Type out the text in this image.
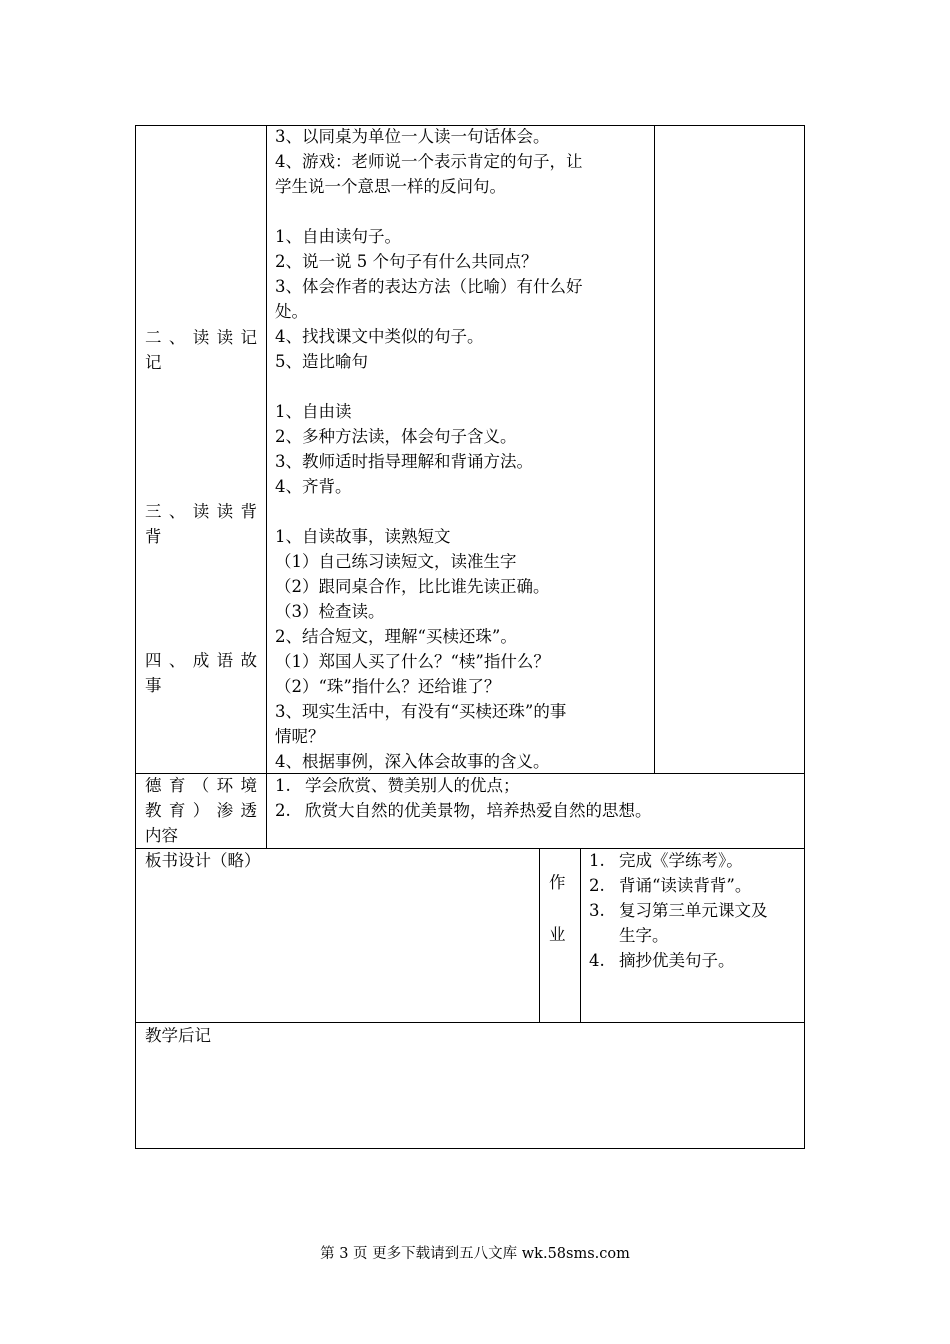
二、读读记
记
三、读读背
背
四、成语故
事
3、以同桌为单位一人读一句话体会。
4、游戏：老师说一个表示肯定的句子，让
学生说一个意思一样的反问句。
1、自由读句子。
2、说一说 5 个句子有什么共同点？
3、体会作者的表达方法（比喻）有什么好
处。
4、找找课文中类似的句子。
5、造比喻句
1、自由读
2、多种方法读，体会句子含义。
3、教师适时指导理解和背诵方法。
4、齐背。
1、自读故事，读熟短文
（1）自己练习读短文，读准生字
（2）跟同桌合作，比比谁先读正确。
（3）检查读。
2、结合短文，理解“买椟还珠”。
（1）郑国人买了什么？“椟”指什么？
（2）“珠”指什么？还给谁了？
3、现实生活中，有没有“买椟还珠”的事
情呢？
4、根据事例，深入体会故事的含义。
德育（环境
教育）渗透
内容
1. 学会欣赏、赞美别人的优点；
2. 欣赏大自然的优美景物，培养热爱自然的思想。
板书设计（略）
作
业
1. 完成《学练考》。
2. 背诵“读读背背”。
3. 复习第三单元课文及
生字。
4. 摘抄优美句子。
教学后记
第 3 页 更多下载请到五八文库 wk.58sms.com
